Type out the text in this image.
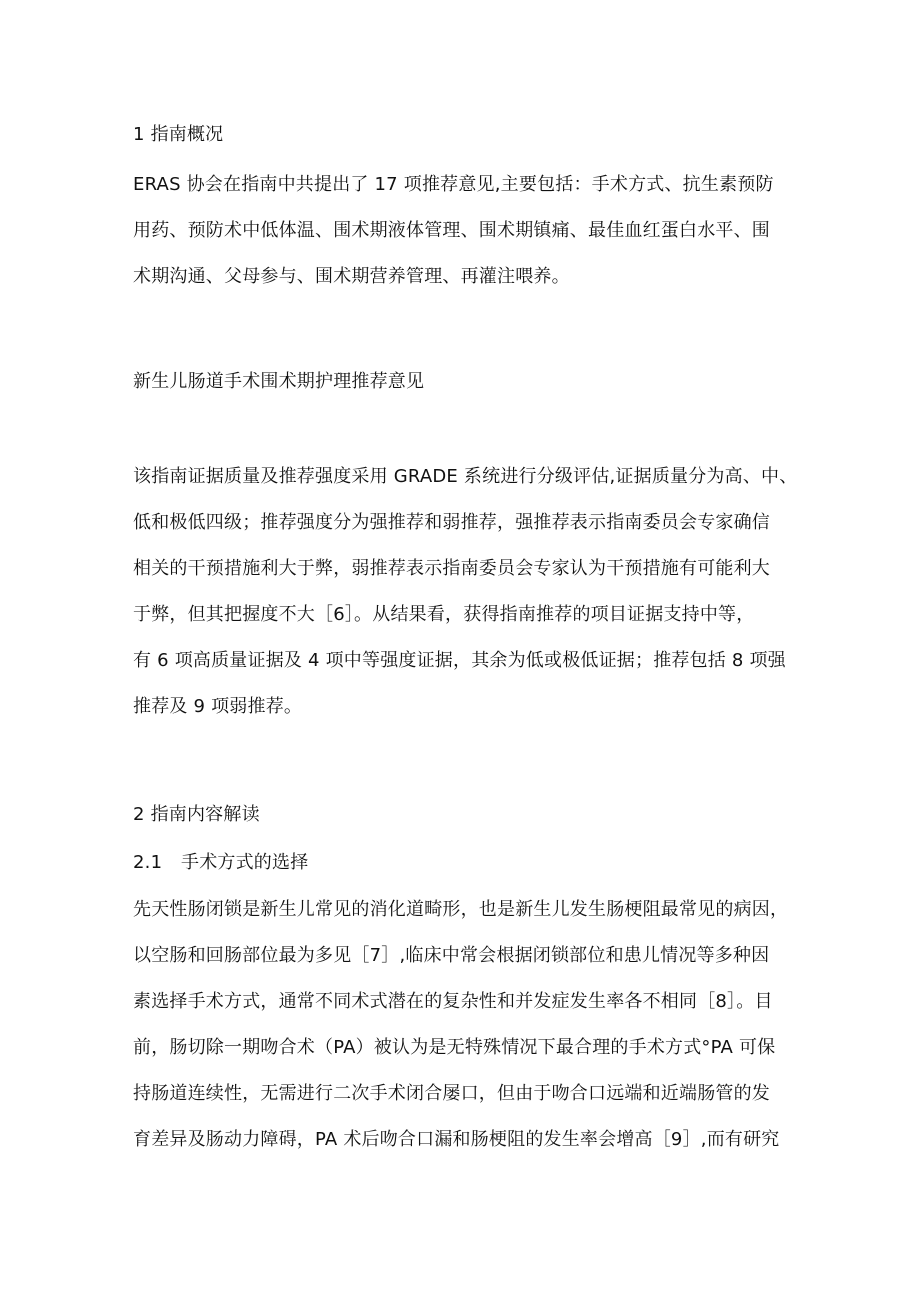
1 指南概况
ERAS 协会在指南中共提出了 17 项推荐意见,主要包括：手术方式、抗生素预防
用药、预防术中低体温、围术期液体管理、围术期镇痛、最佳血红蛋白水平、围
术期沟通、父母参与、围术期营养管理、再灌注喂养。
新生儿肠道手术围术期护理推荐意见
该指南证据质量及推荐强度采用 GRADE 系统进行分级评估,证据质量分为高、中、
低和极低四级；推荐强度分为强推荐和弱推荐，强推荐表示指南委员会专家确信
相关的干预措施利大于弊，弱推荐表示指南委员会专家认为干预措施有可能利大
于弊，但其把握度不大［6］。从结果看，获得指南推荐的项目证据支持中等，
有 6 项高质量证据及 4 项中等强度证据，其余为低或极低证据；推荐包括 8 项强
推荐及 9 项弱推荐。
2 指南内容解读
2.1 手术方式的选择
先天性肠闭锁是新生儿常见的消化道畸形，也是新生儿发生肠梗阻最常见的病因，
以空肠和回肠部位最为多见［7］,临床中常会根据闭锁部位和患儿情况等多种因
素选择手术方式，通常不同术式潜在的复杂性和并发症发生率各不相同［8］。目
前，肠切除一期吻合术（PA）被认为是无特殊情况下最合理的手术方式°PA 可保
持肠道连续性，无需进行二次手术闭合屡口，但由于吻合口远端和近端肠管的发
育差异及肠动力障碍，PA 术后吻合口漏和肠梗阻的发生率会增高［9］,而有研究
